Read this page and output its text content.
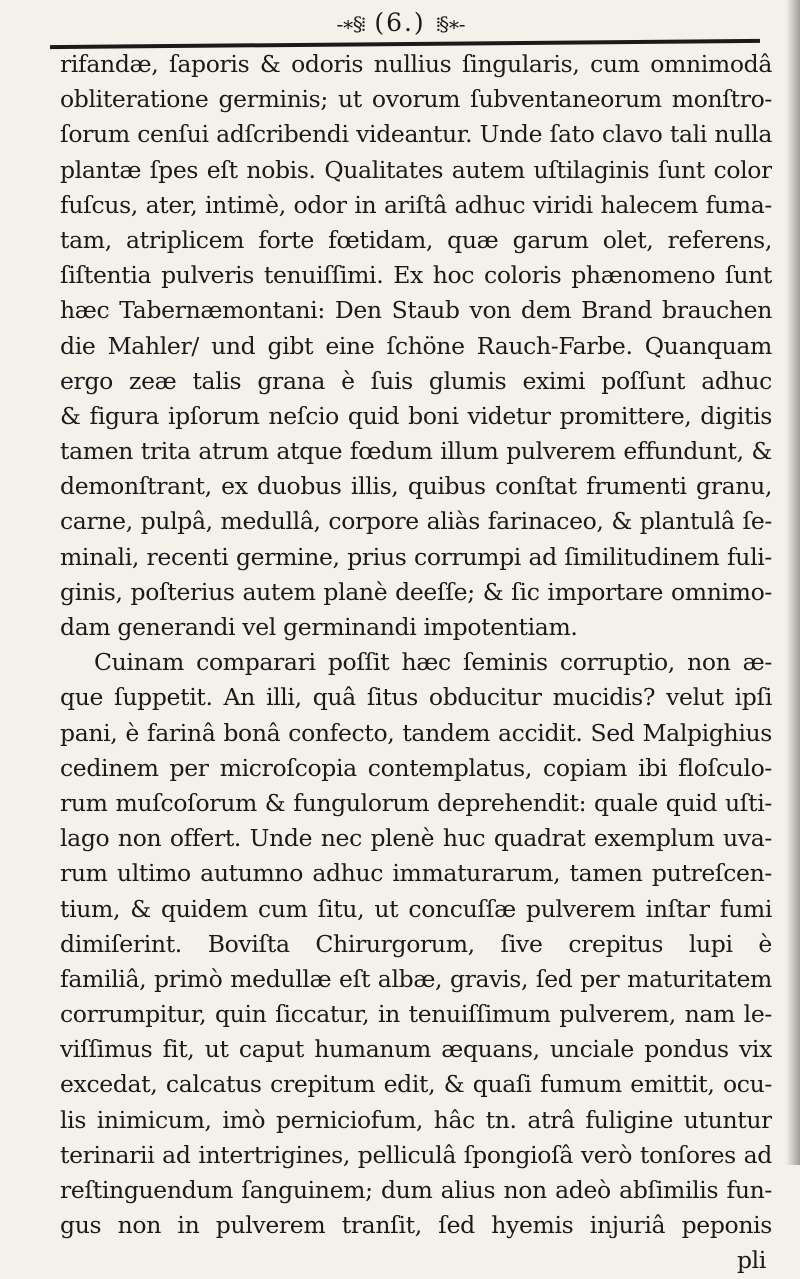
-∗§⁞ (6.) ⁞§∗-
rifandæ, ſaporis & odoris nullius ſingularis, cum omnimodâ
obliteratione germinis; ut ovorum ſubventaneorum monſtro-
ſorum cenſui adſcribendi videantur. Unde ſato clavo tali nulla
plantæ ſpes eſt nobis. Qualitates autem uſtilaginis ſunt color
fuſcus, ater, intimè, odor in ariſtâ adhuc viridi halecem fuma-
tam, atriplicem forte fœtidam, quæ garum olet, referens,
ſiſtentia pulveris tenuiſſimi. Ex hoc coloris phænomeno ſunt
hæc Tabernæmontani: Den Staub von dem Brand brauchen
die Mahler/ und gibt eine ſchöne Rauch-Farbe. Quanquam
ergo zeæ talis grana è ſuis glumis eximi poſſunt adhuc
& figura ipſorum neſcio quid boni videtur promittere, digitis
tamen trita atrum atque fœdum illum pulverem effundunt, &
demonſtrant, ex duobus illis, quibus conſtat frumenti granu,
carne, pulpâ, medullâ, corpore aliàs farinaceo, & plantulâ ſe-
minali, recenti germine, prius corrumpi ad ſimilitudinem fuli-
ginis, poſterius autem planè deeſſe; & ſic importare omnimo-
dam generandi vel germinandi impotentiam.
Cuinam comparari poſſit hæc ſeminis corruptio, non æ-
que ſuppetit. An illi, quâ ſitus obducitur mucidis? velut ipſi
pani, è farinâ bonâ confecto, tandem accidit. Sed Malpighius
cedinem per microſcopia contemplatus, copiam ibi floſculo-
rum muſcoſorum & fungulorum deprehendit: quale quid uſti-
lago non offert. Unde nec plenè huc quadrat exemplum uva-
rum ultimo autumno adhuc immaturarum, tamen putreſcen-
tium, & quidem cum ſitu, ut concuſſæ pulverem inſtar fumi
dimiſerint. Boviſta Chirurgorum, ſive crepitus lupi è
familiâ, primò medullæ eſt albæ, gravis, ſed per maturitatem
corrumpitur, quin ſiccatur, in tenuiſſimum pulverem, nam le-
viſſimus fit, ut caput humanum æquans, unciale pondus vix
excedat, calcatus crepitum edit, & quaſi fumum emittit, ocu-
lis inimicum, imò perniciofum, hâc tn. atrâ fuligine utuntur
terinarii ad intertrigines, pelliculâ ſpongioſâ verò tonſores ad
reſtinguendum ſanguinem; dum alius non adeò abſimilis fun-
gus non in pulverem tranſit, ſed hyemis injuriâ peponis
pli
